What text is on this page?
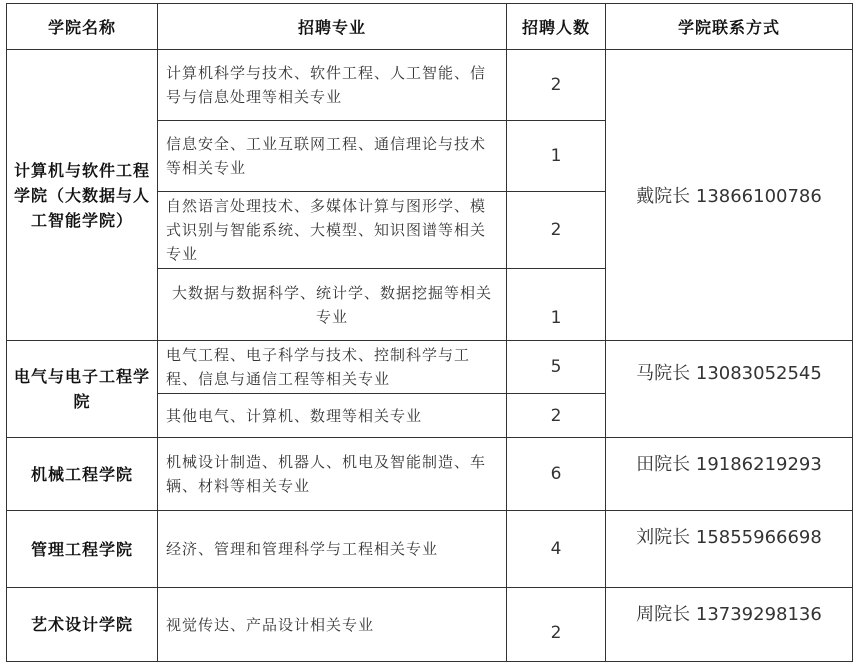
学院名称	招聘专业	招聘人数	学院联系方式
计算机与软件工程学院（大数据与人工智能学院）	计算机科学与技术、软件工程、人工智能、信号与信息处理等相关专业	2	戴院长 13866100786
	信息安全、工业互联网工程、通信理论与技术等相关专业	1	
	自然语言处理技术、多媒体计算与图形学、模式识别与智能系统、大模型、知识图谱等相关专业	2	
	大数据与数据科学、统计学、数据挖掘等相关专业	1	
电气与电子工程学院	电气工程、电子科学与技术、控制科学与工程、信息与通信工程等相关专业	5	马院长 13083052545
	其他电气、计算机、数理等相关专业	2	
机械工程学院	机械设计制造、机器人、机电及智能制造、车辆、材料等相关专业	6	田院长 19186219293
管理工程学院	经济、管理和管理科学与工程相关专业	4	刘院长 15855966698
艺术设计学院	视觉传达、产品设计相关专业	2	周院长 13739298136
